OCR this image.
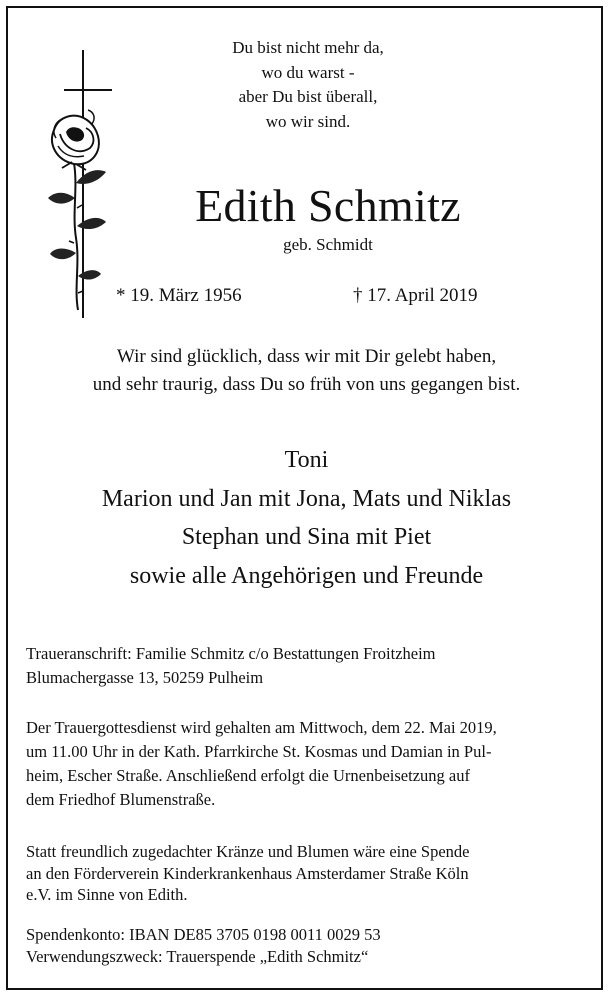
Du bist nicht mehr da,
wo du warst -
aber Du bist überall,
wo wir sind.
Edith Schmitz
geb. Schmidt
* 19. März 1956	† 17. April 2019
Wir sind glücklich, dass wir mit Dir gelebt haben,
und sehr traurig, dass Du so früh von uns gegangen bist.
Toni
Marion und Jan mit Jona, Mats und Niklas
Stephan und Sina mit Piet
sowie alle Angehörigen und Freunde
Traueranschrift: Familie Schmitz c/o Bestattungen Froitzheim
Blumachergasse 13, 50259 Pulheim
Der Trauergottesdienst wird gehalten am Mittwoch, dem 22. Mai 2019,
um 11.00 Uhr in der Kath. Pfarrkirche St. Kosmas und Damian in Pul-
heim, Escher Straße. Anschließend erfolgt die Urnenbeisetzung auf
dem Friedhof Blumenstraße.
Statt freundlich zugedachter Kränze und Blumen wäre eine Spende
an den Förderverein Kinderkrankenhaus Amsterdamer Straße Köln
e.V. im Sinne von Edith.
Spendenkonto: IBAN DE85 3705 0198 0011 0029 53
Verwendungszweck: Trauerspende „Edith Schmitz“
